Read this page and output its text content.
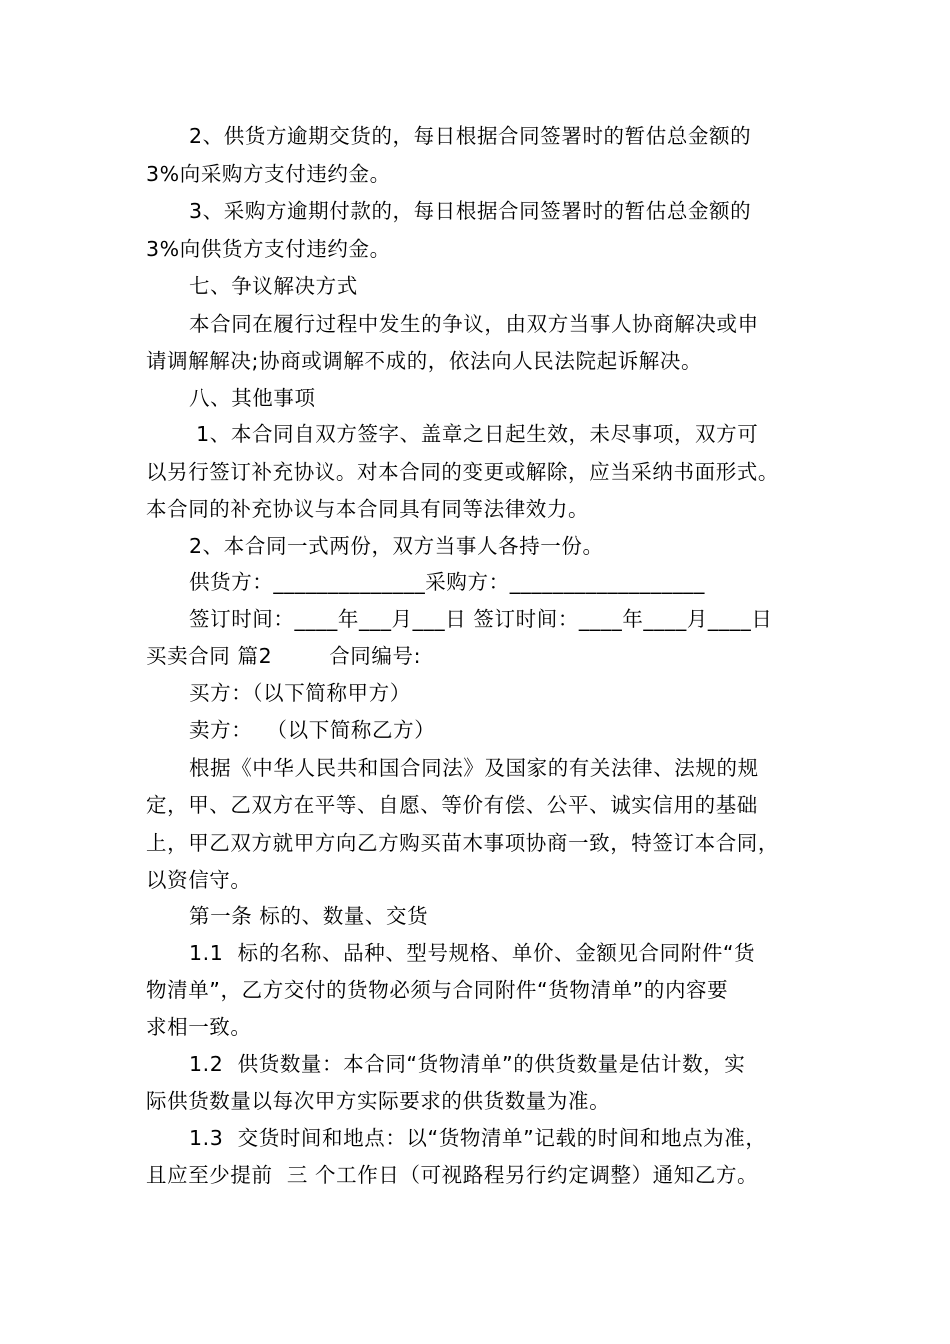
2、供货方逾期交货的，每日根据合同签署时的暂估总金额的
3%向采购方支付违约金。
3、采购方逾期付款的，每日根据合同签署时的暂估总金额的
3%向供货方支付违约金。
七、争议解决方式
本合同在履行过程中发生的争议，由双方当事人协商解决或申
请调解解决;协商或调解不成的，依法向人民法院起诉解决。
八、其他事项
1、本合同自双方签字、盖章之日起生效，未尽事项，双方可
以另行签订补充协议。对本合同的变更或解除，应当采纳书面形式。
本合同的补充协议与本合同具有同等法律效力。
2、本合同一式两份，双方当事人各持一份。
供货方：______________采购方：__________________
签订时间：____年___月___日 签订时间：____年____月____日
买卖合同 篇2        合同编号:
买方：（以下简称甲方）
卖方：  （以下简称乙方）
根据《中华人民共和国合同法》及国家的有关法律、法规的规
定，甲、乙双方在平等、自愿、等价有偿、公平、诚实信用的基础
上，甲乙双方就甲方向乙方购买苗木事项协商一致，特签订本合同，
以资信守。
第一条 标的、数量、交货
1.1  标的名称、品种、型号规格、单价、金额见合同附件“货
物清单”，乙方交付的货物必须与合同附件“货物清单”的内容要
求相一致。
1.2  供货数量：本合同“货物清单”的供货数量是估计数，实
际供货数量以每次甲方实际要求的供货数量为准。
1.3  交货时间和地点：以“货物清单”记载的时间和地点为准，
且应至少提前  三 个工作日（可视路程另行约定调整）通知乙方。
